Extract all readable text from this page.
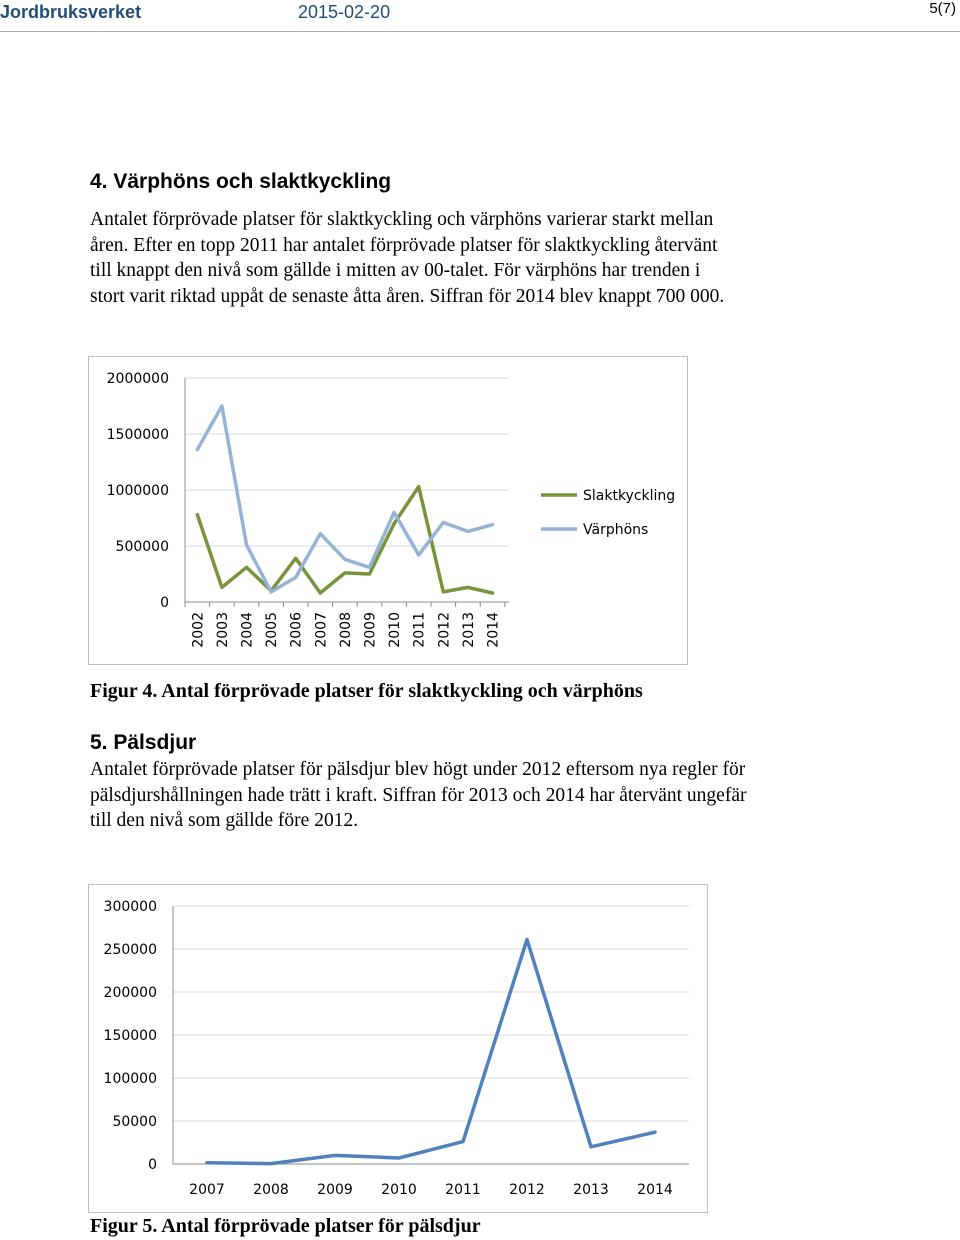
Jordbruksverket	2015-02-20	5(7)
4. Värphöns och slaktkyckling
Antalet förprövade platser för slaktkyckling och värphöns varierar starkt mellan
åren. Efter en topp 2011 har antalet förprövade platser för slaktkyckling återvänt
till knappt den nivå som gällde i mitten av 00-talet. För värphöns har trenden i
stort varit riktad uppåt de senaste åtta åren. Siffran för 2014 blev knappt 700 000.
0
500000
1000000
1500000
2000000
2002 2003 2004 2005 2006 2007 2008 2009 2010 2011 2012 2013 2014
Slaktkyckling
Värphöns
Figur 4. Antal förprövade platser för slaktkyckling och värphöns
5. Pälsdjur
Antalet förprövade platser för pälsdjur blev högt under 2012 eftersom nya regler för
pälsdjurshållningen hade trätt i kraft. Siffran för 2013 och 2014 har återvänt ungefär
till den nivå som gällde före 2012.
0
50000
100000
150000
200000
250000
300000
2007 2008 2009 2010 2011 2012 2013 2014
Figur 5. Antal förprövade platser för pälsdjur
